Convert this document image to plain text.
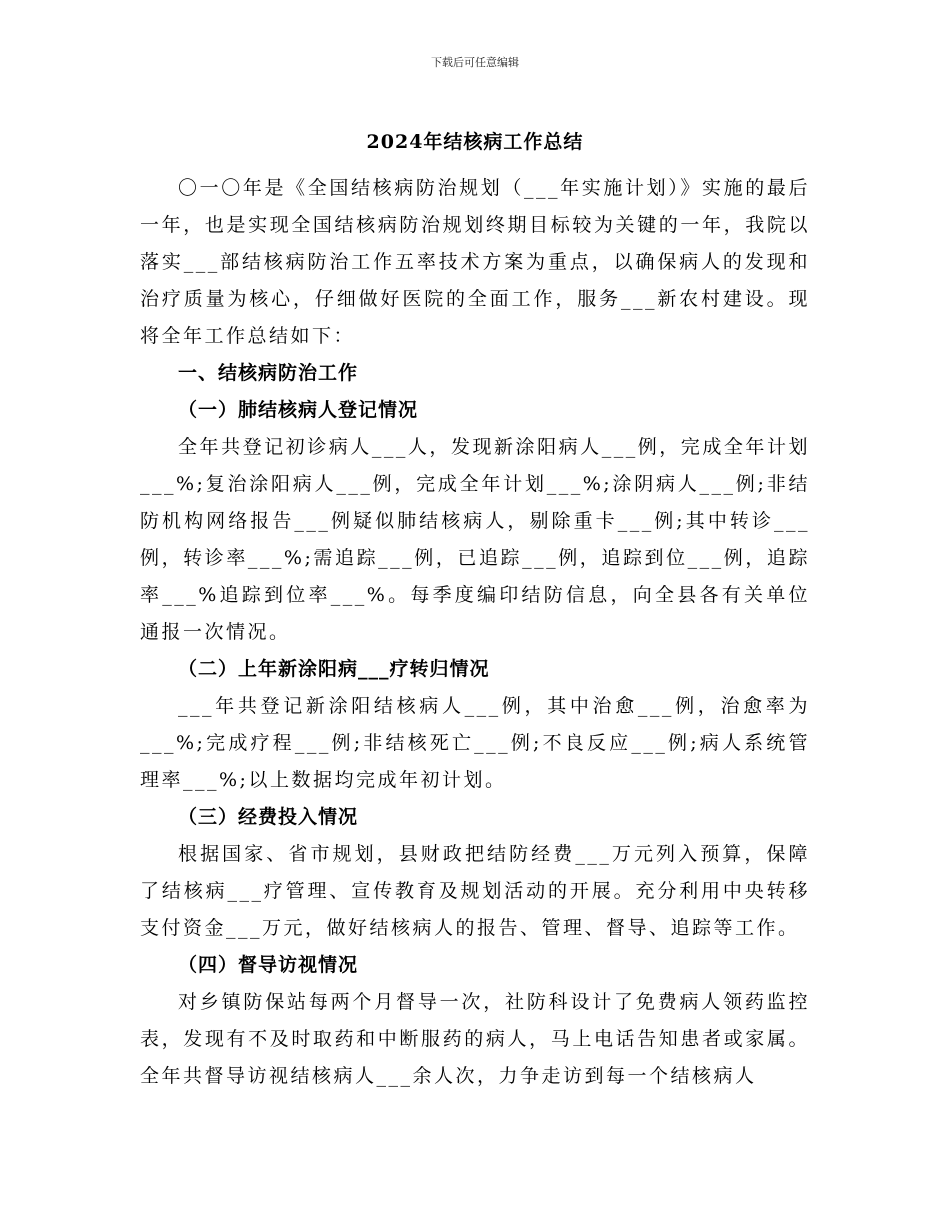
下载后可任意编辑
2024年结核病工作总结

〇一〇年是《全国结核病防治规划（___年实施计划）》实施的最后一年，也是实现全国结核病防治规划终期目标较为关键的一年，我院以落实___部结核病防治工作五率技术方案为重点，以确保病人的发现和治疗质量为核心，仔细做好医院的全面工作，服务___新农村建设。现将全年工作总结如下：

一、结核病防治工作
（一）肺结核病人登记情况

全年共登记初诊病人___人，发现新涂阳病人___例，完成全年计划___%;复治涂阳病人___例，完成全年计划___%;涂阴病人___例;非结防机构网络报告___例疑似肺结核病人，剔除重卡___例;其中转诊___例，转诊率___%;需追踪___例，已追踪___例，追踪到位___例，追踪率___%追踪到位率___%。每季度编印结防信息，向全县各有关单位通报一次情况。

（二）上年新涂阳病___疗转归情况

___年共登记新涂阳结核病人___例，其中治愈___例，治愈率为___%;完成疗程___例;非结核死亡___例;不良反应___例;病人系统管理率___%;以上数据均完成年初计划。

（三）经费投入情况

根据国家、省市规划，县财政把结防经费___万元列入预算，保障了结核病___疗管理、宣传教育及规划活动的开展。充分利用中央转移支付资金___万元，做好结核病人的报告、管理、督导、追踪等工作。

（四）督导访视情况

对乡镇防保站每两个月督导一次，社防科设计了免费病人领药监控表，发现有不及时取药和中断服药的病人，马上电话告知患者或家属。全年共督导访视结核病人___余人次，力争走访到每一个结核病人
